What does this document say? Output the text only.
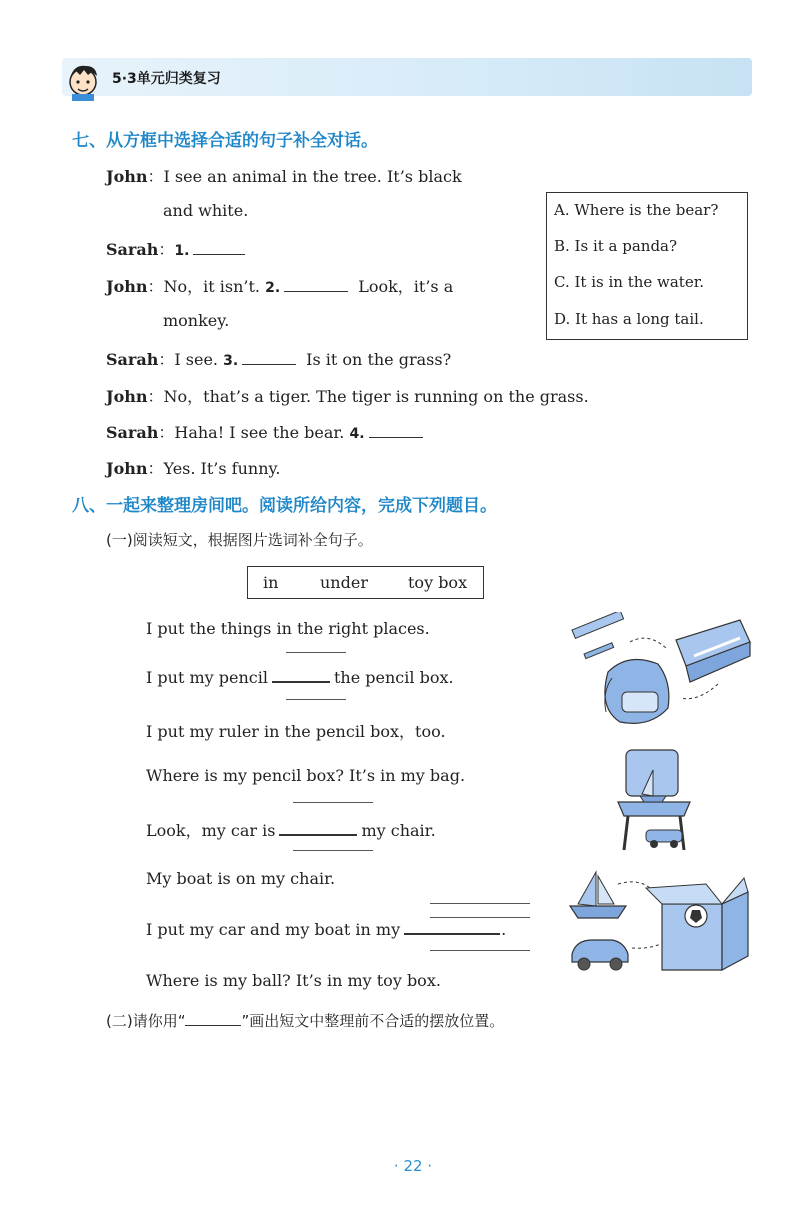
5·3单元归类复习
七、从方框中选择合适的句子补全对话。
John：I see an animal in the tree. It’s black
and white.
Sarah：1.
John：No，it isn’t. 2.	Look，it’s a
monkey.
Sarah：I see. 3.	Is it on the grass?
John：No，that’s a tiger. The tiger is running on the grass.
Sarah：Haha! I see the bear. 4.
John：Yes. It’s funny.
A. Where is the bear?
B. Is it a panda?
C. It is in the water.
D. It has a long tail.
八、一起来整理房间吧。阅读所给内容，完成下列题目。
(一)阅读短文，根据图片选词补全句子。
in	under	toy box
I put the things in the right places.
I put my pencil	the pencil box.
I put my ruler in the pencil box，too.
Where is my pencil box? It’s in my bag.
Look，my car is	my chair.
My boat is on my chair.
I put my car and my boat in my	.
Where is my ball? It’s in my toy box.
(二)请你用“	”画出短文中整理前不合适的摆放位置。
· 22 ·
